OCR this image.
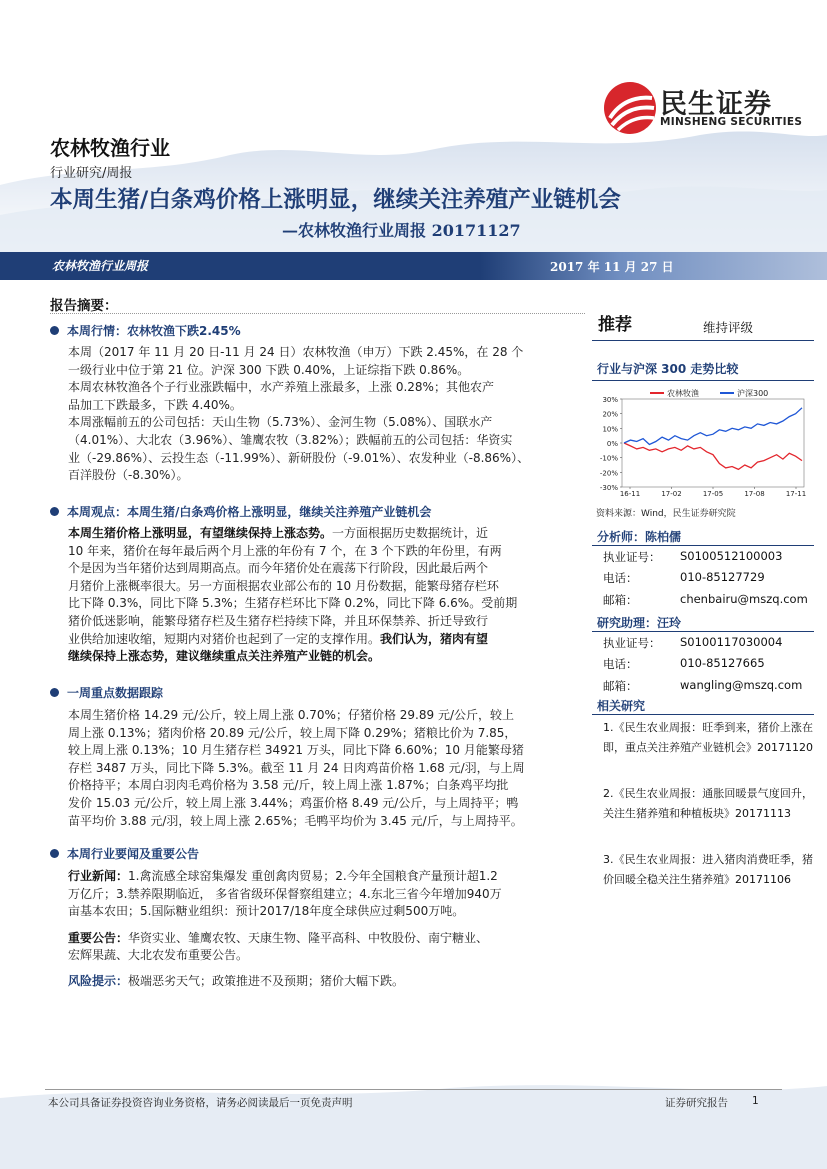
民生证券
MINSHENG SECURITIES
农林牧渔行业
行业研究/周报
本周生猪/白条鸡价格上涨明显，继续关注养殖产业链机会
—农林牧渔行业周报 20171127
农林牧渔行业周报	2017 年 11 月 27 日
报告摘要：
本周行情：农林牧渔下跌2.45%
本周（2017 年 11 月 20 日-11 月 24 日）农林牧渔（申万）下跌 2.45%，在 28 个
一级行业中位于第 21 位。沪深 300 下跌 0.40%，上证综指下跌 0.86%。
本周农林牧渔各个子行业涨跌幅中，水产养殖上涨最多，上涨 0.28%；其他农产
品加工下跌最多，下跌 4.40%。
本周涨幅前五的公司包括：天山生物（5.73%）、金河生物（5.08%）、国联水产
（4.01%）、大北农（3.96%）、雏鹰农牧（3.82%）；跌幅前五的公司包括：华资实
业（-29.86%）、云投生态（-11.99%）、新研股份（-9.01%）、农发种业（-8.86%）、
百洋股份（-8.30%）。
本周观点：本周生猪/白条鸡价格上涨明显，继续关注养殖产业链机会
本周生猪价格上涨明显，有望继续保持上涨态势。一方面根据历史数据统计，近
10 年来，猪价在每年最后两个月上涨的年份有 7 个，在 3 个下跌的年份里，有两
个是因为当年猪价达到周期高点。而今年猪价处在震荡下行阶段，因此最后两个
月猪价上涨概率很大。另一方面根据农业部公布的 10 月份数据，能繁母猪存栏环
比下降 0.3%，同比下降 5.3%；生猪存栏环比下降 0.2%，同比下降 6.6%。受前期
猪价低迷影响，能繁母猪存栏及生猪存栏持续下降，并且环保禁养、折迁导致行
业供给加速收缩，短期内对猪价也起到了一定的支撑作用。我们认为，猪肉有望
继续保持上涨态势，建议继续重点关注养殖产业链的机会。
一周重点数据跟踪
本周生猪价格 14.29 元/公斤，较上周上涨 0.70%；仔猪价格 29.89 元/公斤，较上
周上涨 0.13%；猪肉价格 20.89 元/公斤，较上周下降 0.29%；猪粮比价为 7.85，
较上周上涨 0.13%；10 月生猪存栏 34921 万头，同比下降 6.60%；10 月能繁母猪
存栏 3487 万头，同比下降 5.3%。截至 11 月 24 日肉鸡苗价格 1.68 元/羽，与上周
价格持平；本周白羽肉毛鸡价格为 3.58 元/斤，较上周上涨 1.87%；白条鸡平均批
发价 15.03 元/公斤，较上周上涨 3.44%；鸡蛋价格 8.49 元/公斤，与上周持平；鸭
苗平均价 3.88 元/羽，较上周上涨 2.65%；毛鸭平均价为 3.45 元/斤，与上周持平。
本周行业要闻及重要公告
行业新闻：1.禽流感全球窑集爆发 重创禽肉贸易；2.今年全国粮食产量预计超1.2
万亿斤；3.禁养限期临近， 多省省级环保督察组建立；4.东北三省今年增加940万
亩基本农田；5.国际糖业组织：预计2017/18年度全球供应过剩500万吨。
重要公告：华资实业、雏鹰农牧、天康生物、隆平高科、中牧股份、南宁糖业、
宏辉果蔬、大北农发布重要公告。
风险提示：极端恶劣天气；政策推进不及预期；猪价大幅下跌。
推荐	维持评级
行业与沪深 300 走势比较
30%
20%
10%
0%
-10%
-20%
-30%
16-11	17-02	17-05	17-08	17-11
农林牧渔	沪深300
资料来源：Wind，民生证券研究院
分析师：陈柏儒
执业证号： S0100512100003
电话：	010-85127729
邮箱：	chenbairu@mszq.com
研究助理：汪玲
执业证号： S0100117030004
电话：	010-85127665
邮箱：	wangling@mszq.com
相关研究
1.《民生农业周报：旺季到来，猪价上涨在即，重点关注养殖产业链机会》20171120
2.《民生农业周报：通胀回暖景气度回升，关注生猪养殖和种植板块》20171113
3.《民生农业周报：进入猪肉消费旺季，猪价回暖全稳关注生猪养殖》20171106
本公司具备证券投资咨询业务资格，请务必阅读最后一页免责声明	证券研究报告 1
